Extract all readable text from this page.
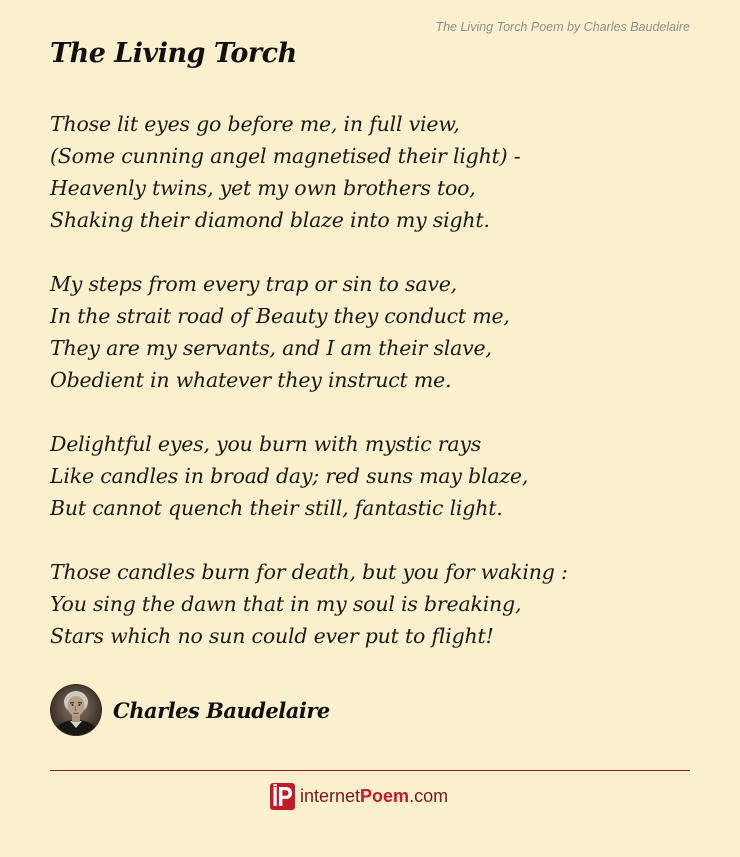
The Living Torch Poem by Charles Baudelaire
The Living Torch
Those lit eyes go before me, in full view,
(Some cunning angel magnetised their light) -
Heavenly twins, yet my own brothers too,
Shaking their diamond blaze into my sight.
My steps from every trap or sin to save,
In the strait road of Beauty they conduct me,
They are my servants, and I am their slave,
Obedient in whatever they instruct me.
Delightful eyes, you burn with mystic rays
Like candles in broad day; red suns may blaze,
But cannot quench their still, fantastic light.
Those candles burn for death, but you for waking :
You sing the dawn that in my soul is breaking,
Stars which no sun could ever put to flight!
Charles Baudelaire
internetPoem.com
